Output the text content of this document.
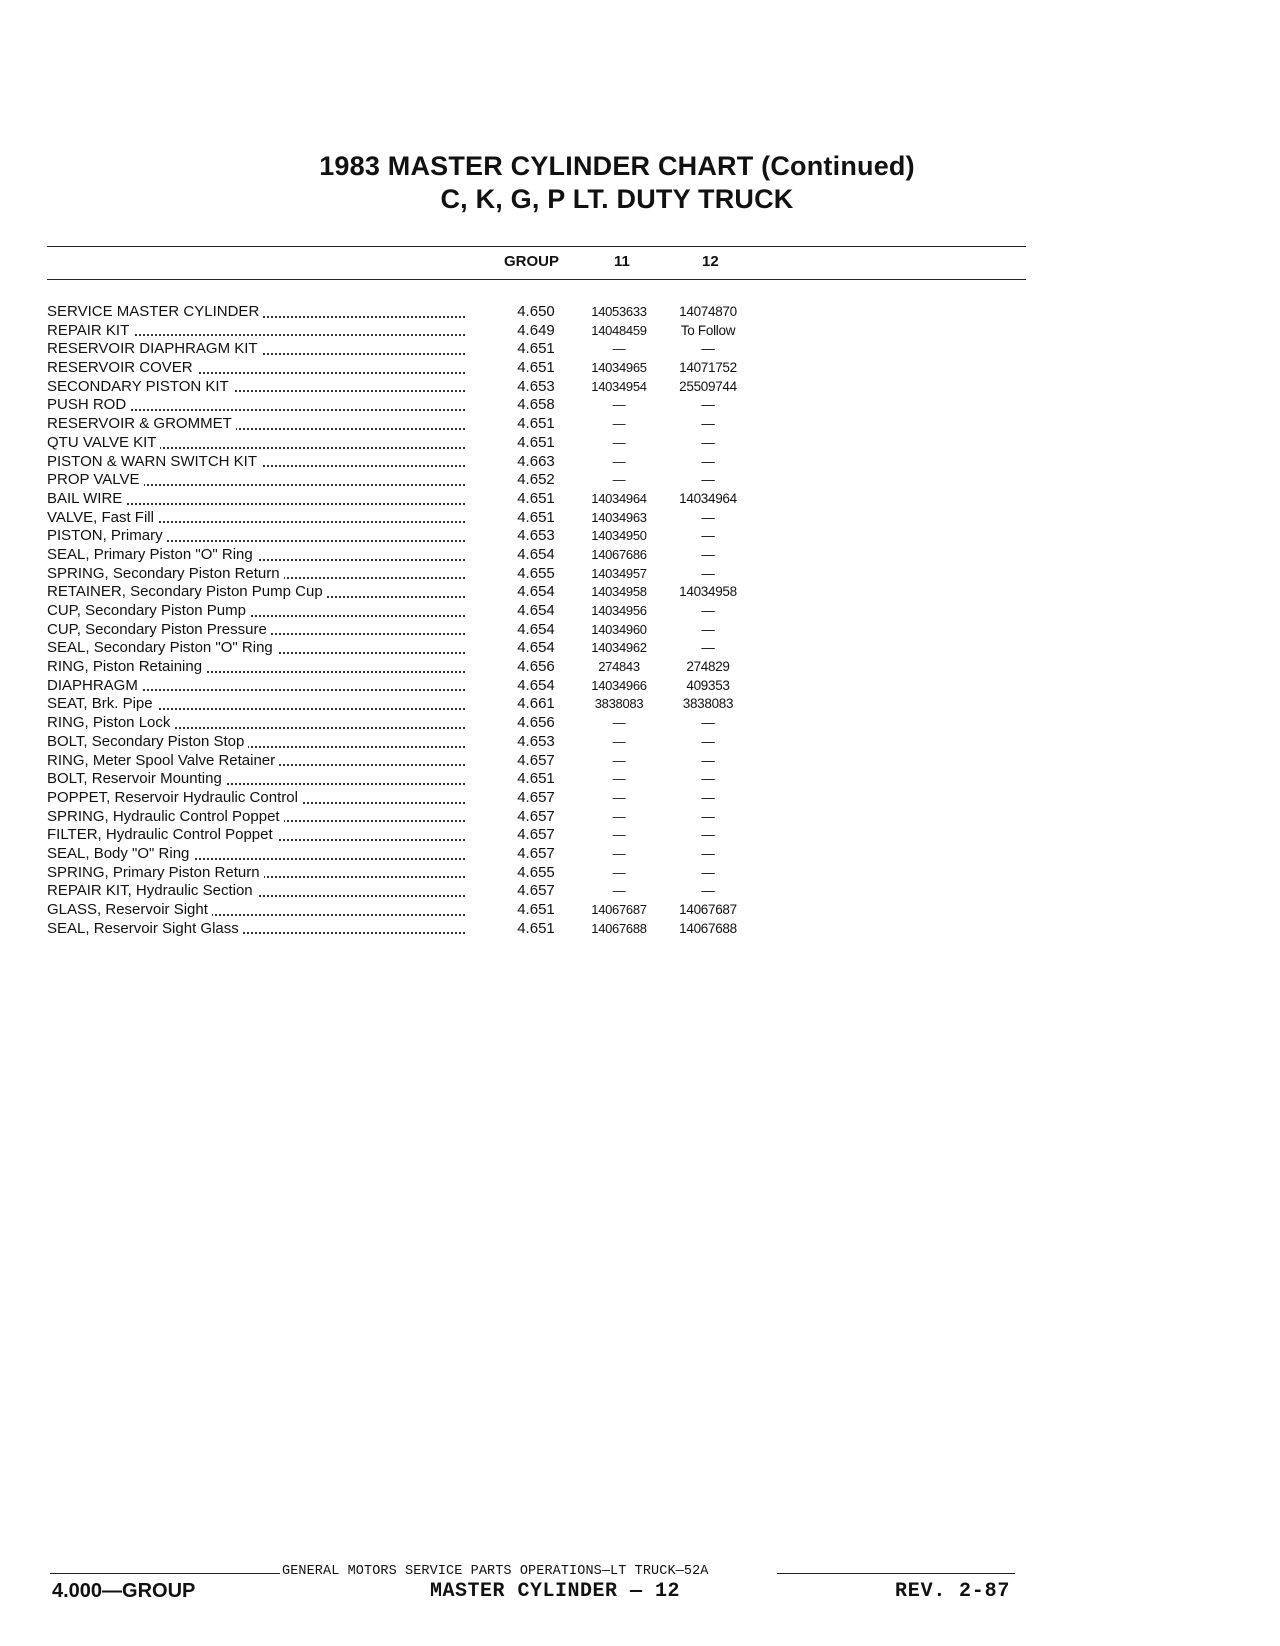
1983 MASTER CYLINDER CHART (Continued)
C, K, G, P LT. DUTY TRUCK
GROUP	11	12
SERVICE MASTER CYLINDER	4.650	14053633	14074870
REPAIR KIT	4.649	14048459	To Follow
RESERVOIR DIAPHRAGM KIT	4.651	—	—
RESERVOIR COVER	4.651	14034965	14071752
SECONDARY PISTON KIT	4.653	14034954	25509744
PUSH ROD	4.658	—	—
RESERVOIR & GROMMET	4.651	—	—
QTU VALVE KIT	4.651	—	—
PISTON & WARN SWITCH KIT	4.663	—	—
PROP VALVE	4.652	—	—
BAIL WIRE	4.651	14034964	14034964
VALVE, Fast Fill	4.651	14034963	—
PISTON, Primary	4.653	14034950	—
SEAL, Primary Piston "O" Ring	4.654	14067686	—
SPRING, Secondary Piston Return	4.655	14034957	—
RETAINER, Secondary Piston Pump Cup	4.654	14034958	14034958
CUP, Secondary Piston Pump	4.654	14034956	—
CUP, Secondary Piston Pressure	4.654	14034960	—
SEAL, Secondary Piston "O" Ring	4.654	14034962	—
RING, Piston Retaining	4.656	274843	274829
DIAPHRAGM	4.654	14034966	409353
SEAT, Brk. Pipe	4.661	3838083	3838083
RING, Piston Lock	4.656	—	—
BOLT, Secondary Piston Stop	4.653	—	—
RING, Meter Spool Valve Retainer	4.657	—	—
BOLT, Reservoir Mounting	4.651	—	—
POPPET, Reservoir Hydraulic Control	4.657	—	—
SPRING, Hydraulic Control Poppet	4.657	—	—
FILTER, Hydraulic Control Poppet	4.657	—	—
SEAL, Body "O" Ring	4.657	—	—
SPRING, Primary Piston Return	4.655	—	—
REPAIR KIT, Hydraulic Section	4.657	—	—
GLASS, Reservoir Sight	4.651	14067687	14067687
SEAL, Reservoir Sight Glass	4.651	14067688	14067688
GENERAL MOTORS SERVICE PARTS OPERATIONS—LT TRUCK—52A
4.000—GROUP	MASTER CYLINDER — 12	REV. 2-87
